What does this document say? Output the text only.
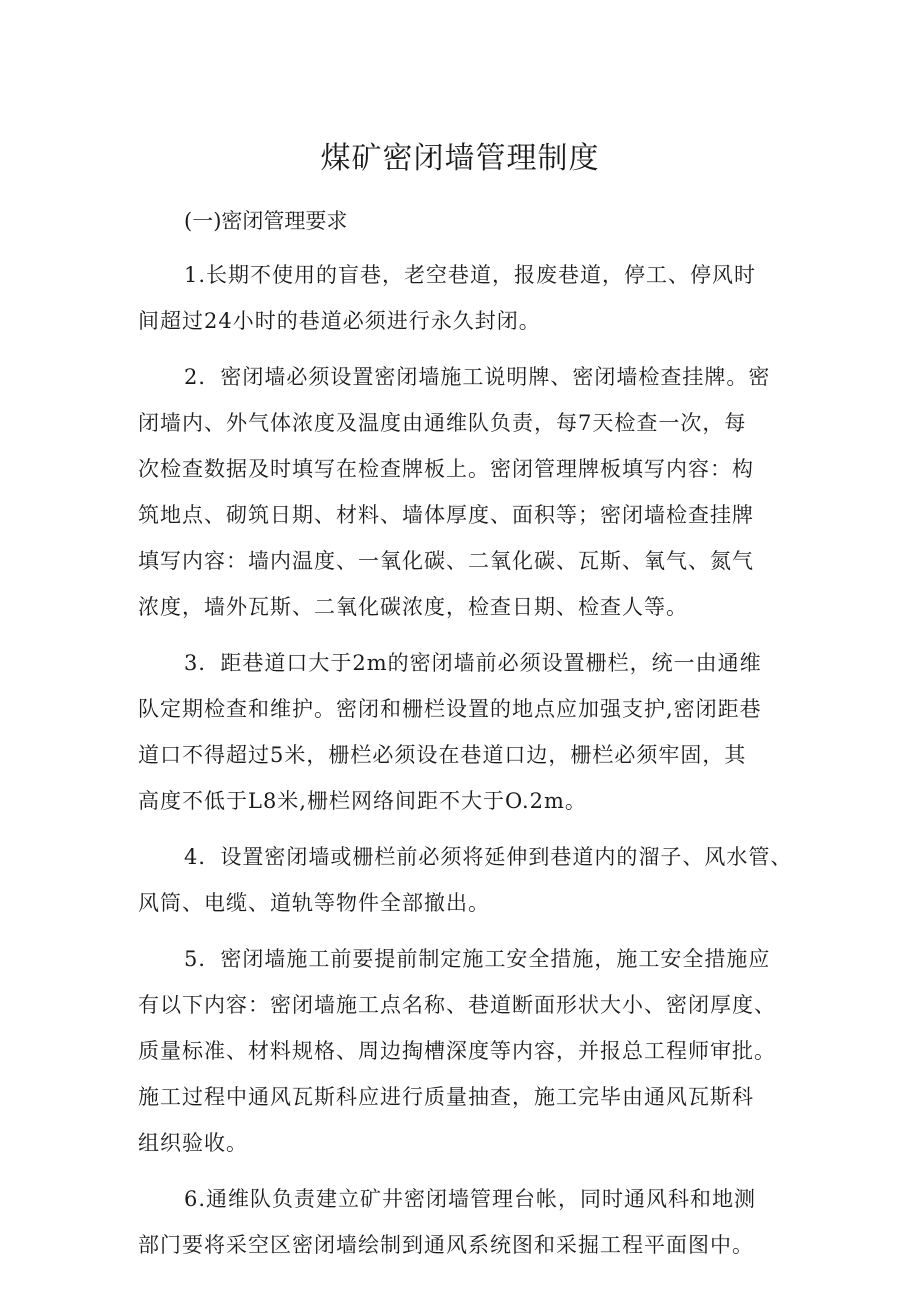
煤矿密闭墙管理制度
(一)密闭管理要求
1.长期不使用的盲巷，老空巷道，报废巷道，停工、停风时
间超过24小时的巷道必须进行永久封闭。
2．密闭墙必须设置密闭墙施工说明牌、密闭墙检查挂牌。密
闭墙内、外气体浓度及温度由通维队负责，每7天检查一次，每
次检查数据及时填写在检查牌板上。密闭管理牌板填写内容：构
筑地点、砌筑日期、材料、墙体厚度、面积等；密闭墙检查挂牌
填写内容：墙内温度、一氧化碳、二氧化碳、瓦斯、氧气、氮气
浓度，墙外瓦斯、二氧化碳浓度，检查日期、检查人等。
3．距巷道口大于2m的密闭墙前必须设置栅栏，统一由通维
队定期检查和维护。密闭和栅栏设置的地点应加强支护,密闭距巷
道口不得超过5米，栅栏必须设在巷道口边，栅栏必须牢固，其
高度不低于L8米,栅栏网络间距不大于O.2m。
4．设置密闭墙或栅栏前必须将延伸到巷道内的溜子、风水管、
风筒、电缆、道轨等物件全部撤出。
5．密闭墙施工前要提前制定施工安全措施，施工安全措施应
有以下内容：密闭墙施工点名称、巷道断面形状大小、密闭厚度、
质量标准、材料规格、周边掏槽深度等内容，并报总工程师审批。
施工过程中通风瓦斯科应进行质量抽查，施工完毕由通风瓦斯科
组织验收。
6.通维队负责建立矿井密闭墙管理台帐，同时通风科和地测
部门要将采空区密闭墙绘制到通风系统图和采掘工程平面图中。
